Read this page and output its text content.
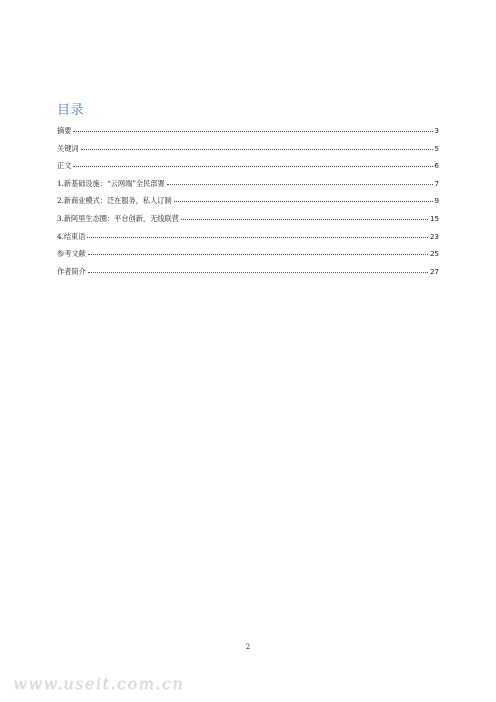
目录
摘要	3
关键词	5
正文	6
1.新基础设施：“云网端”全民部署	7
2.新商业模式：泛在服务，私人订制	9
3.新阿里生态圈：平台创新，无线联营	15
4.结束语	23
参考文献	25
作者简介	27
2
www.useit.com.cn
